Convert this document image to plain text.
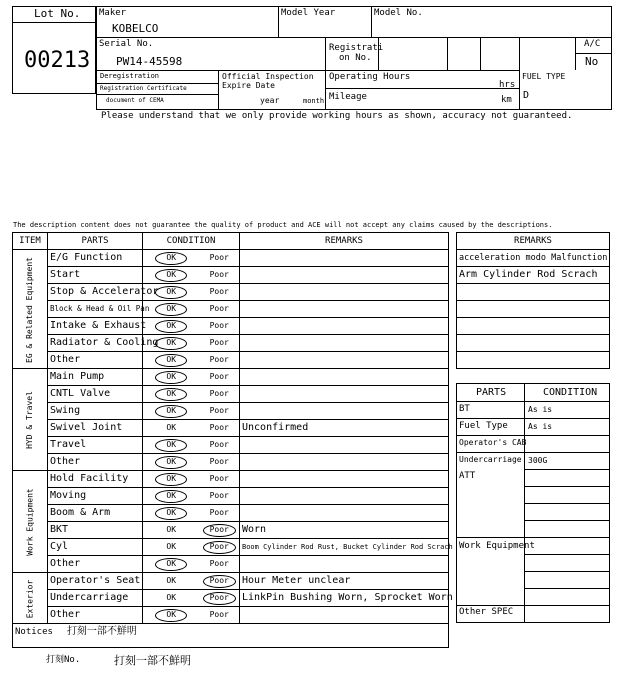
Lot No.
00213
Maker
KOBELCO
Model Year	Model No.
Serial No.
PW14-45598
Registrati
on No.
A/C
No
Deregistration
Registration Certificate
document of CEMA
Official Inspection
Expire Date
year	month
Operating Hours
hrs
Mileage	km
FUEL TYPE
D
Please understand that we only provide working hours as shown, accuracy not guaranteed.
The description content does not guarantee the quality of product and ACE will not accept any claims caused by the descriptions.
ITEM	PARTS	CONDITION		REMARKS

EG & Related Equipment	E/G Function	OK	Poor	
	Start	OK	Poor	
	Stop & Accelerator	OK	Poor	
	Block & Head & Oil Pan	OK	Poor	
	Intake & Exhaust	OK	Poor	
	Radiator & Cooling	OK	Poor	
	Other	OK	Poor	

HYD & Travel	Main Pump	OK	Poor	
	CNTL Valve	OK	Poor	
	Swing	OK	Poor	
	Swivel Joint	OK	Poor	Unconfirmed
	Travel	OK	Poor	
	Other	OK	Poor	

Work Equipment	Hold Facility	OK	Poor	
	Moving	OK	Poor	
	Boom & Arm	OK	Poor	
	BKT	OK	Poor	Worn
	Cyl	OK	Poor	Boom Cylinder Rod Rust, Bucket Cylinder Rod Scrach
	Other	OK	Poor	

Exterior	Operator's Seat	OK	Poor	Hour Meter unclear
	Undercarriage	OK	Poor	LinkPin Bushing Worn, Sprocket Worn
	Other	OK	Poor	
Notices 打刻一部不鮮明				
REMARKS
acceleration modo Malfunction
Arm Cylinder Rod Scrach

PARTS	CONDITION
BT	As is
Fuel Type	As is
Operator's CAB
Undercarriage 300G
ATT
Work Equipment
Other SPEC
打刻No.	打刻一部不鮮明
